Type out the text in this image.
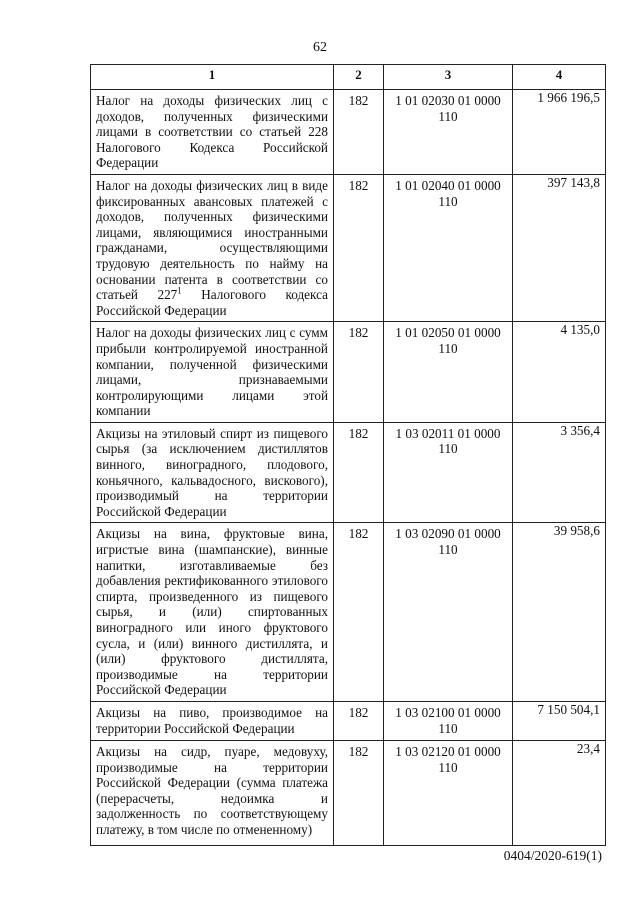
62
1	2	3	4
Налог на доходы физических лиц с доходов, полученных физическими лицами в соответствии со статьей 228 Налогового Кодекса Российской Федерации	182	1 01 02030 01 0000 110	1 966 196,5
Налог на доходы физических лиц в виде фиксированных авансовых платежей с доходов, полученных физическими лицами, являющимися иностранными гражданами, осуществляющими трудовую деятельность по найму на основании патента в соответствии со статьей $227^1$ Налогового кодекса Российской Федерации	182	1 01 02040 01 0000 110	397 143,8
Налог на доходы физических лиц с сумм прибыли контролируемой иностранной компании, полученной физическими лицами, признаваемыми контролирующими лицами этой компании	182	1 01 02050 01 0000 110	4 135,0
Акцизы на этиловый спирт из пищевого сырья (за исключением дистиллятов винного, виноградного, плодового, коньячного, кальвадосного, вискового), производимый на территории Российской Федерации	182	1 03 02011 01 0000 110	3 356,4
Акцизы на вина, фруктовые вина, игристые вина (шампанские), винные напитки, изготавливаемые без добавления ректификованного этилового спирта, произведенного из пищевого сырья, и (или) спиртованных виноградного или иного фруктового сусла, и (или) винного дистиллята, и (или) фруктового дистиллята, производимые на территории Российской Федерации	182	1 03 02090 01 0000 110	39 958,6
Акцизы на пиво, производимое на территории Российской Федерации	182	1 03 02100 01 0000 110	7 150 504,1
Акцизы на сидр, пуаре, медовуху, производимые на территории Российской Федерации (сумма платежа (перерасчеты, недоимка и задолженность по соответствующему платежу, в том числе по отмененному)	182	1 03 02120 01 0000 110	23,4
0404/2020-619(1)
